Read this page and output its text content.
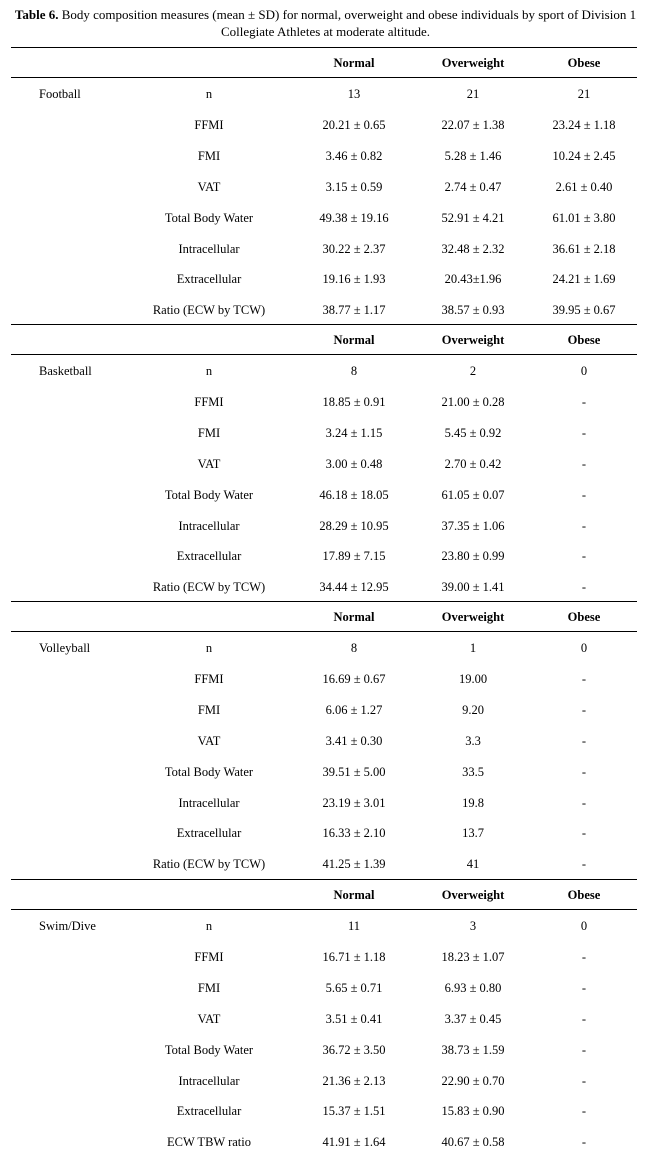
Table 6. Body composition measures (mean ± SD) for normal, overweight and obese individuals by sport of Division 1 Collegiate Athletes at moderate altitude.
Normal	Overweight	Obese
Football	n	13	21	21
FFMI	20.21 ± 0.65	22.07 ± 1.38	23.24 ± 1.18
FMI	3.46 ± 0.82	5.28 ± 1.46	10.24 ± 2.45
VAT	3.15 ± 0.59	2.74 ± 0.47	2.61 ± 0.40
Total Body Water	49.38 ± 19.16	52.91 ± 4.21	61.01 ± 3.80
Intracellular	30.22 ± 2.37	32.48 ± 2.32	36.61 ± 2.18
Extracellular	19.16 ± 1.93	20.43±1.96	24.21 ± 1.69
Ratio (ECW by TCW)	38.77 ± 1.17	38.57 ± 0.93	39.95 ± 0.67
Normal	Overweight	Obese
Basketball	n	8	2	0
FFMI	18.85 ± 0.91	21.00 ± 0.28	-
FMI	3.24 ± 1.15	5.45 ± 0.92	-
VAT	3.00 ± 0.48	2.70 ± 0.42	-
Total Body Water	46.18 ± 18.05	61.05 ± 0.07	-
Intracellular	28.29 ± 10.95	37.35 ± 1.06	-
Extracellular	17.89 ± 7.15	23.80 ± 0.99	-
Ratio (ECW by TCW)	34.44 ± 12.95	39.00 ± 1.41	-
Normal	Overweight	Obese
Volleyball	n	8	1	0
FFMI	16.69 ± 0.67	19.00	-
FMI	6.06 ± 1.27	9.20	-
VAT	3.41 ± 0.30	3.3	-
Total Body Water	39.51 ± 5.00	33.5	-
Intracellular	23.19 ± 3.01	19.8	-
Extracellular	16.33 ± 2.10	13.7	-
Ratio (ECW by TCW)	41.25 ± 1.39	41	-
Normal	Overweight	Obese
Swim/Dive	n	11	3	0
FFMI	16.71 ± 1.18	18.23 ± 1.07	-
FMI	5.65 ± 0.71	6.93 ± 0.80	-
VAT	3.51 ± 0.41	3.37 ± 0.45	-
Total Body Water	36.72 ± 3.50	38.73 ± 1.59	-
Intracellular	21.36 ± 2.13	22.90 ± 0.70	-
Extracellular	15.37 ± 1.51	15.83 ± 0.90	-
ECW TBW ratio	41.91 ± 1.64	40.67 ± 0.58	-
